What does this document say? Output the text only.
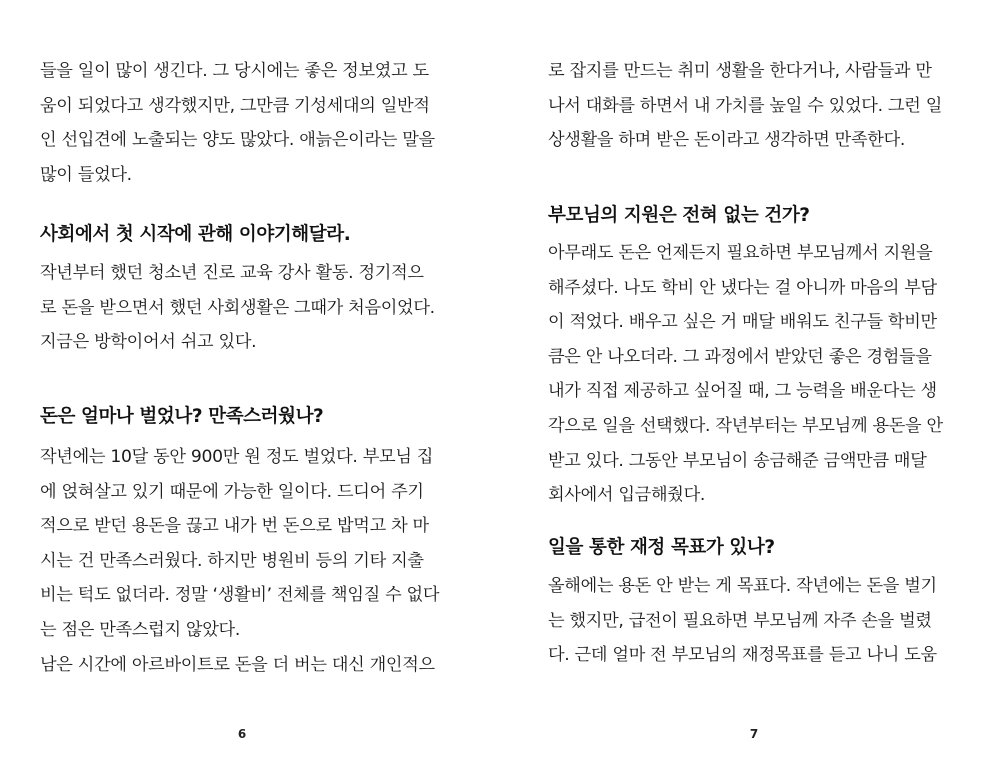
들을 일이 많이 생긴다. 그 당시에는 좋은 정보였고 도
움이 되었다고 생각했지만, 그만큼 기성세대의 일반적
인 선입견에 노출되는 양도 많았다. 애늙은이라는 말을
많이 들었다.

사회에서 첫 시작에 관해 이야기해달라.

작년부터 했던 청소년 진로 교육 강사 활동. 정기적으
로 돈을 받으면서 했던 사회생활은 그때가 처음이었다.
지금은 방학이어서 쉬고 있다.

돈은 얼마나 벌었나? 만족스러웠나?

작년에는 10달 동안 900만 원 정도 벌었다. 부모님 집
에 얹혀살고 있기 때문에 가능한 일이다. 드디어 주기
적으로 받던 용돈을 끊고 내가 번 돈으로 밥먹고 차 마
시는 건 만족스러웠다. 하지만 병원비 등의 기타 지출
비는 턱도 없더라. 정말 ‘생활비’ 전체를 책임질 수 없다
는 점은 만족스럽지 않았다.
남은 시간에 아르바이트로 돈을 더 버는 대신 개인적으

6

로 잡지를 만드는 취미 생활을 한다거나, 사람들과 만
나서 대화를 하면서 내 가치를 높일 수 있었다. 그런 일
상생활을 하며 받은 돈이라고 생각하면 만족한다.

부모님의 지원은 전혀 없는 건가?

아무래도 돈은 언제든지 필요하면 부모님께서 지원을
해주셨다. 나도 학비 안 냈다는 걸 아니까 마음의 부담
이 적었다. 배우고 싶은 거 매달 배워도 친구들 학비만
큼은 안 나오더라. 그 과정에서 받았던 좋은 경험들을
내가 직접 제공하고 싶어질 때, 그 능력을 배운다는 생
각으로 일을 선택했다. 작년부터는 부모님께 용돈을 안
받고 있다. 그동안 부모님이 송금해준 금액만큼 매달
회사에서 입금해줬다.

일을 통한 재정 목표가 있나?

올해에는 용돈 안 받는 게 목표다. 작년에는 돈을 벌기
는 했지만, 급전이 필요하면 부모님께 자주 손을 벌렸
다. 근데 얼마 전 부모님의 재정목표를 듣고 나니 도움

7
